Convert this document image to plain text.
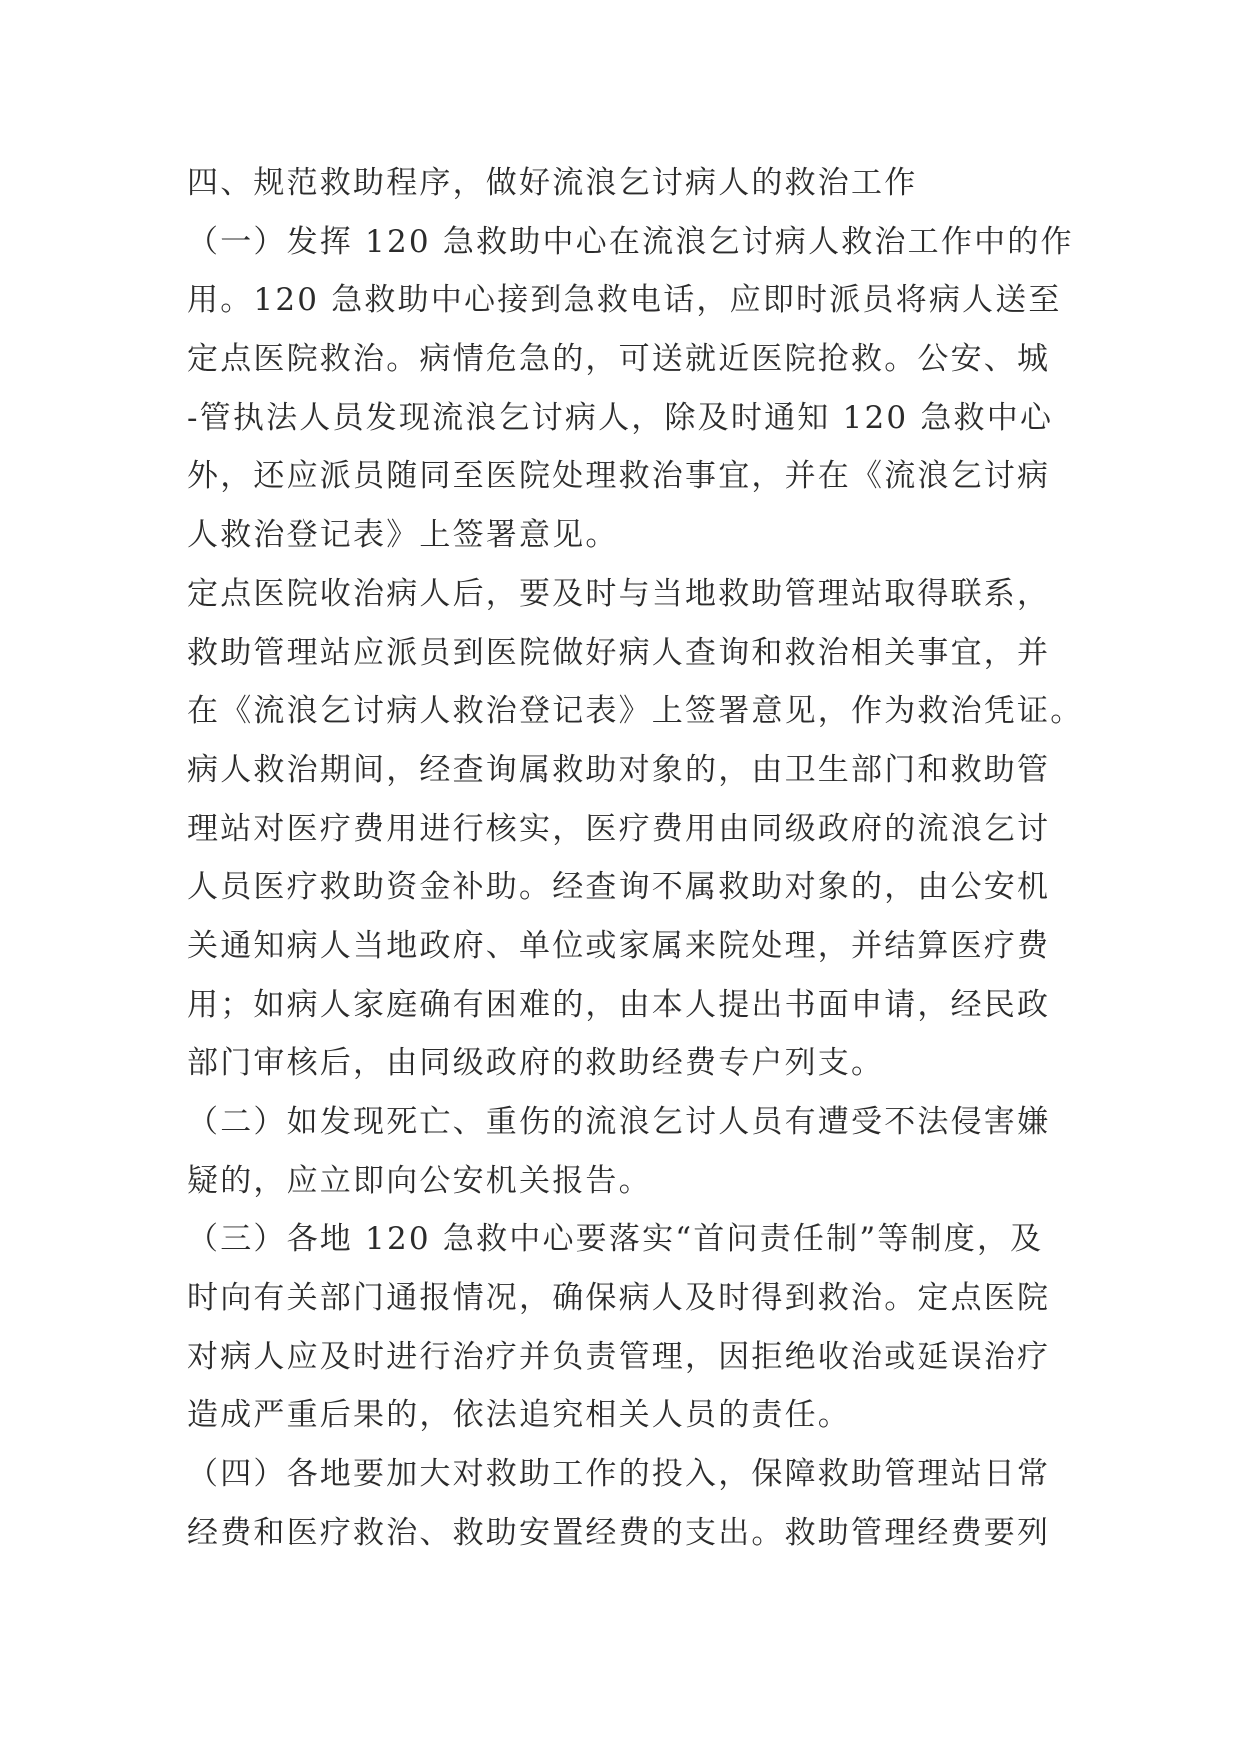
四、规范救助程序，做好流浪乞讨病人的救治工作
（一）发挥 120 急救助中心在流浪乞讨病人救治工作中的作
用。120 急救助中心接到急救电话，应即时派员将病人送至
定点医院救治。病情危急的，可送就近医院抢救。公安、城
-管执法人员发现流浪乞讨病人，除及时通知 120 急救中心
外，还应派员随同至医院处理救治事宜，并在《流浪乞讨病
人救治登记表》上签署意见。
定点医院收治病人后，要及时与当地救助管理站取得联系，
救助管理站应派员到医院做好病人查询和救治相关事宜，并
在《流浪乞讨病人救治登记表》上签署意见，作为救治凭证。
病人救治期间，经查询属救助对象的，由卫生部门和救助管
理站对医疗费用进行核实，医疗费用由同级政府的流浪乞讨
人员医疗救助资金补助。经查询不属救助对象的，由公安机
关通知病人当地政府、单位或家属来院处理，并结算医疗费
用；如病人家庭确有困难的，由本人提出书面申请，经民政
部门审核后，由同级政府的救助经费专户列支。
（二）如发现死亡、重伤的流浪乞讨人员有遭受不法侵害嫌
疑的，应立即向公安机关报告。
（三）各地 120 急救中心要落实“首问责任制”等制度，及
时向有关部门通报情况，确保病人及时得到救治。定点医院
对病人应及时进行治疗并负责管理，因拒绝收治或延误治疗
造成严重后果的，依法追究相关人员的责任。
（四）各地要加大对救助工作的投入，保障救助管理站日常
经费和医疗救治、救助安置经费的支出。救助管理经费要列
